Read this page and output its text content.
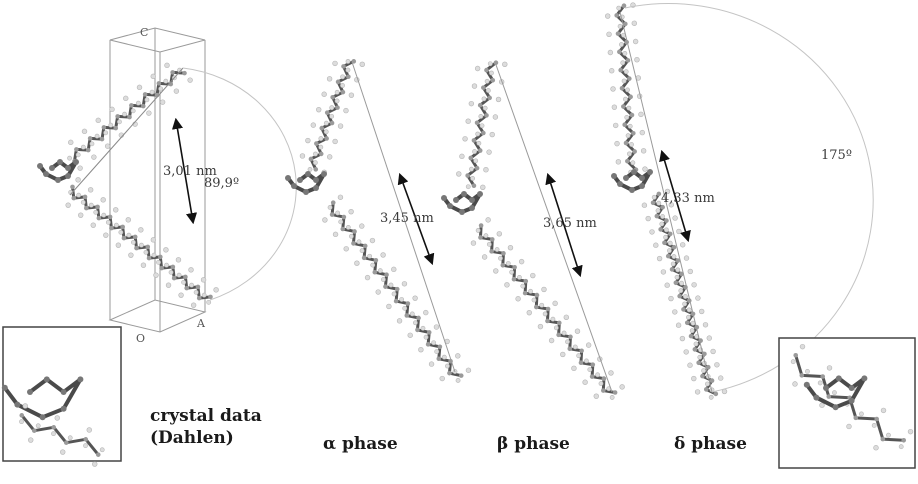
C
O
A
3,01 nm
89,9º
crystal data
(Dahlen)
3,45 nm
α phase
3,65 nm
β phase
4,33 nm
175º
δ phase
